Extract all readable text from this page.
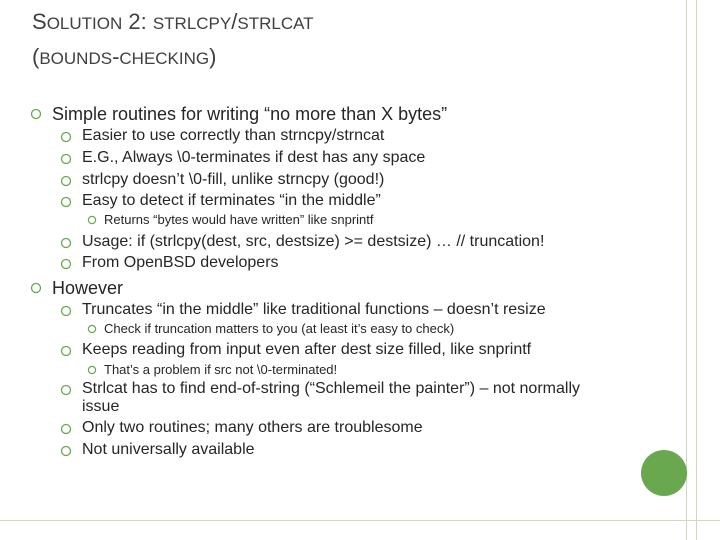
SOLUTION 2: STRLCPY/STRLCAT
(BOUNDS-CHECKING)
Simple routines for writing “no more than X bytes”
Easier to use correctly than strncpy/strncat
E.G., Always \0-terminates if dest has any space
strlcpy doesn’t \0-fill, unlike strncpy (good!)
Easy to detect if terminates “in the middle”
Returns “bytes would have written” like snprintf
Usage: if (strlcpy(dest, src, destsize) >= destsize) … // truncation!
From OpenBSD developers
However
Truncates “in the middle” like traditional functions – doesn’t resize
Check if truncation matters to you (at least it’s easy to check)
Keeps reading from input even after dest size filled, like snprintf
That’s a problem if src not \0-terminated!
Strlcat has to find end-of-string (“Schlemeil the painter”) – not normally issue
Only two routines; many others are troublesome
Not universally available
